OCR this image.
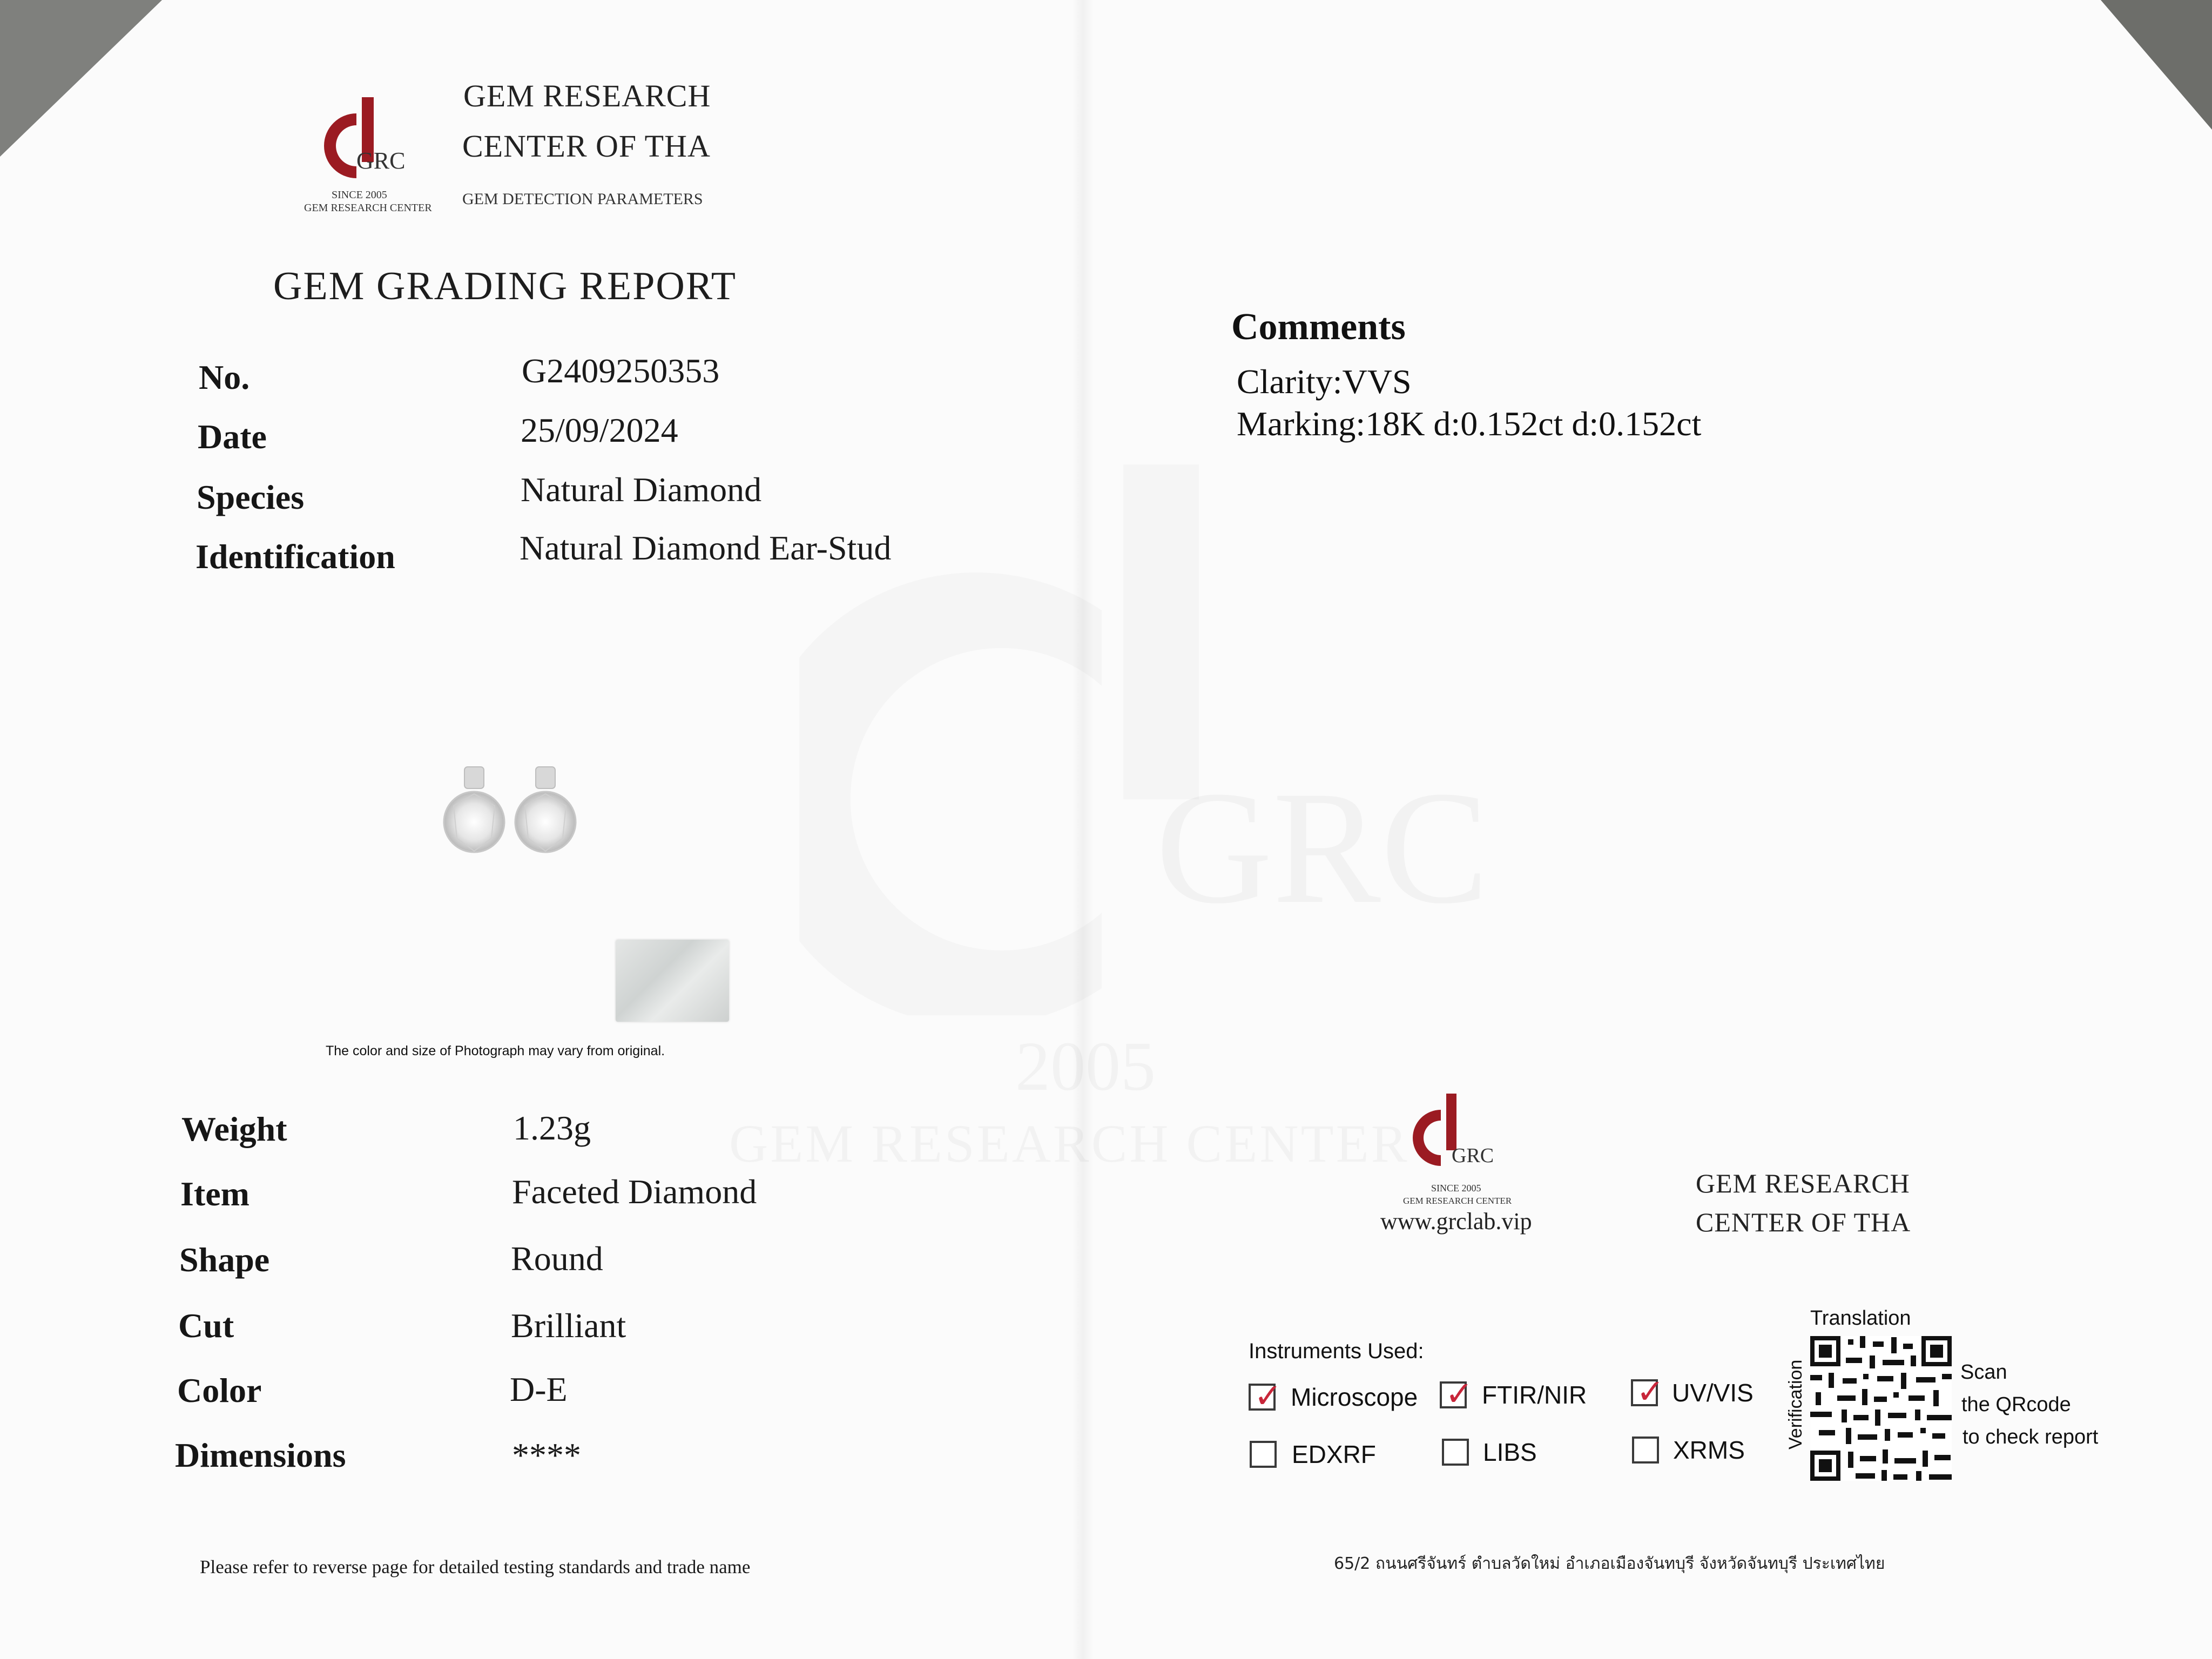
GRC
SINCE 2005
GEM RESEARCH CENTER
GEM RESEARCH
CENTER OF THA
GEM DETECTION PARAMETERS
GEM GRADING REPORT
No.	G2409250353
Date	25/09/2024
Species	Natural Diamond
Identification	Natural Diamond Ear-Stud
The color and size of Photograph may vary from original.
Weight	1.23g
Item	Faceted Diamond
Shape	Round
Cut	Brilliant
Color	D-E
Dimensions	****
Please refer to reverse page for detailed testing standards and trade name
Comments
Clarity:VVS
Marking:18K d:0.152ct d:0.152ct
GRC
SINCE 2005
GEM RESEARCH CENTER
www.grclab.vip
GEM RESEARCH
CENTER OF THA
Instruments Used:
✓ Microscope ✓ FTIR/NIR ✓ UV/VIS
EDXRF	LIBS	XRMS
Translation
Verification	Scan
the QRcode
to check report
65/2 ถนนศรีจันทร์ ตำบลวัดใหม่ อำเภอเมืองจันทบุรี จังหวัดจันทบุรี ประเทศไทย
